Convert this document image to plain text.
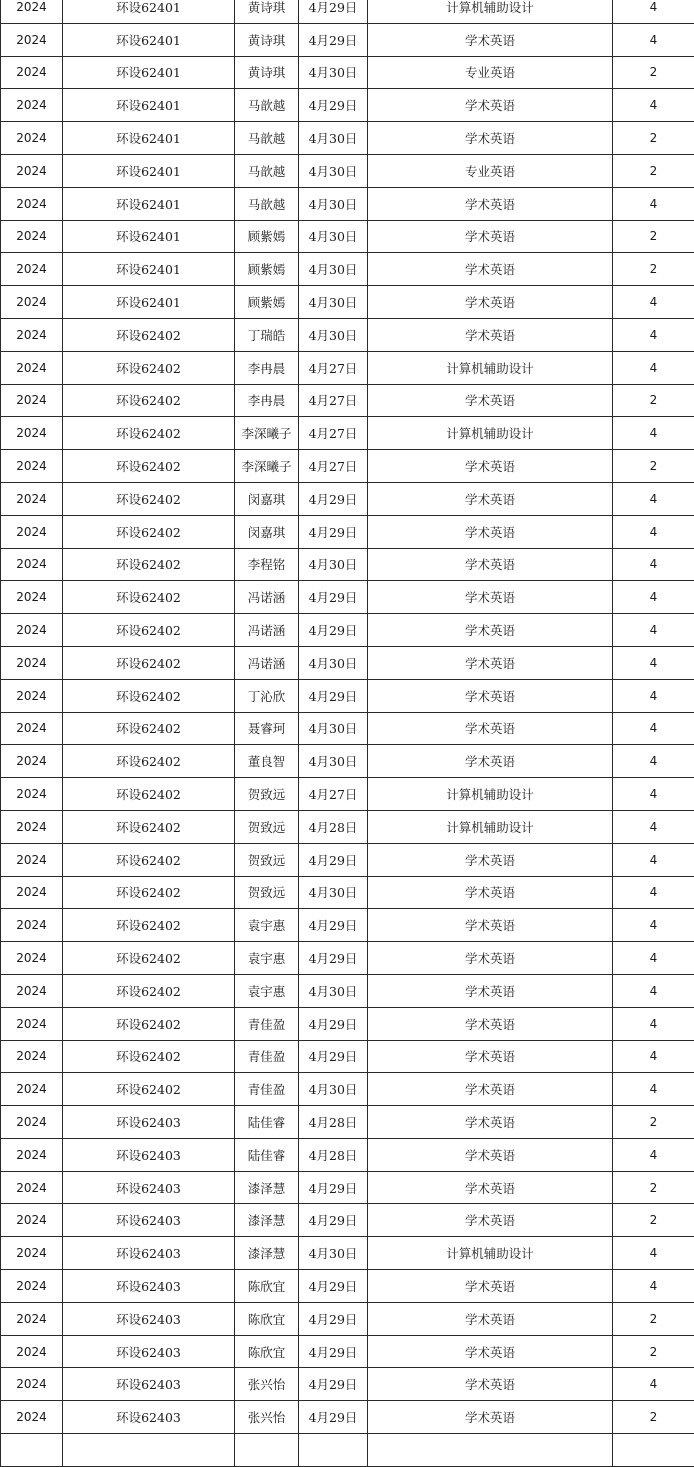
2024	环设62401	黄诗琪	4月29日	计算机辅助设计	4
2024	环设62401	黄诗琪	4月29日	学术英语	4
2024	环设62401	黄诗琪	4月30日	专业英语	2
2024	环设62401	马歆越	4月29日	学术英语	4
2024	环设62401	马歆越	4月30日	学术英语	2
2024	环设62401	马歆越	4月30日	专业英语	2
2024	环设62401	马歆越	4月30日	学术英语	4
2024	环设62401	顾紫嫣	4月30日	学术英语	2
2024	环设62401	顾紫嫣	4月30日	学术英语	2
2024	环设62401	顾紫嫣	4月30日	学术英语	4
2024	环设62402	丁瑞皓	4月30日	学术英语	4
2024	环设62402	李冉晨	4月27日	计算机辅助设计	4
2024	环设62402	李冉晨	4月27日	学术英语	2
2024	环设62402	李深曦子	4月27日	计算机辅助设计	4
2024	环设62402	李深曦子	4月27日	学术英语	2
2024	环设62402	闵嘉琪	4月29日	学术英语	4
2024	环设62402	闵嘉琪	4月29日	学术英语	4
2024	环设62402	李程铭	4月30日	学术英语	4
2024	环设62402	冯诺涵	4月29日	学术英语	4
2024	环设62402	冯诺涵	4月29日	学术英语	4
2024	环设62402	冯诺涵	4月30日	学术英语	4
2024	环设62402	丁沁欣	4月29日	学术英语	4
2024	环设62402	聂睿珂	4月30日	学术英语	4
2024	环设62402	董良智	4月30日	学术英语	4
2024	环设62402	贺致远	4月27日	计算机辅助设计	4
2024	环设62402	贺致远	4月28日	计算机辅助设计	4
2024	环设62402	贺致远	4月29日	学术英语	4
2024	环设62402	贺致远	4月30日	学术英语	4
2024	环设62402	袁宇惠	4月29日	学术英语	4
2024	环设62402	袁宇惠	4月29日	学术英语	4
2024	环设62402	袁宇惠	4月30日	学术英语	4
2024	环设62402	青佳盈	4月29日	学术英语	4
2024	环设62402	青佳盈	4月29日	学术英语	4
2024	环设62402	青佳盈	4月30日	学术英语	4
2024	环设62403	陆佳睿	4月28日	学术英语	2
2024	环设62403	陆佳睿	4月28日	学术英语	4
2024	环设62403	漆泽慧	4月29日	学术英语	2
2024	环设62403	漆泽慧	4月29日	学术英语	2
2024	环设62403	漆泽慧	4月30日	计算机辅助设计	4
2024	环设62403	陈欣宜	4月29日	学术英语	4
2024	环设62403	陈欣宜	4月29日	学术英语	2
2024	环设62403	陈欣宜	4月29日	学术英语	2
2024	环设62403	张兴怡	4月29日	学术英语	4
2024	环设62403	张兴怡	4月29日	学术英语	2
